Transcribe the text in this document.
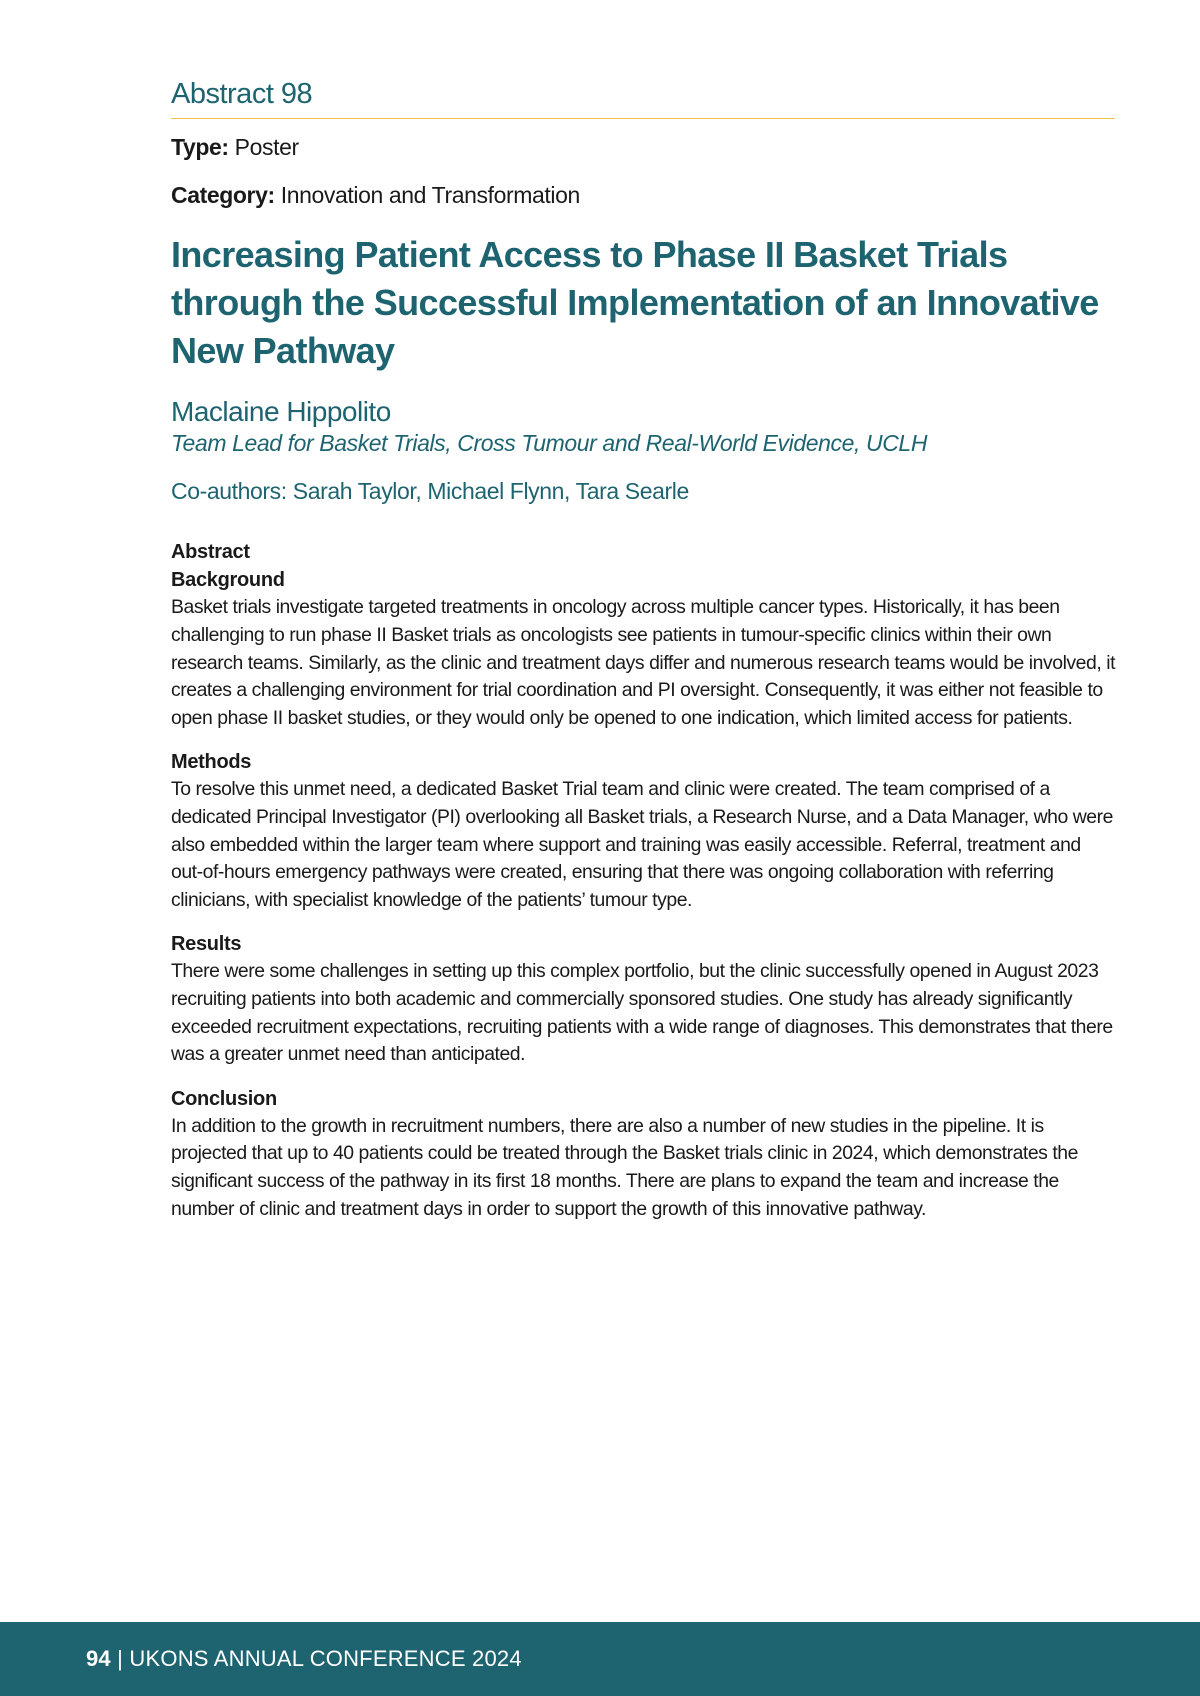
Abstract 98
Type: Poster
Category: Innovation and Transformation
Increasing Patient Access to Phase II Basket Trials through the Successful Implementation of an Innovative New Pathway
Maclaine Hippolito
Team Lead for Basket Trials, Cross Tumour and Real-World Evidence, UCLH
Co-authors: Sarah Taylor, Michael Flynn, Tara Searle
Abstract
Background

Basket trials investigate targeted treatments in oncology across multiple cancer types. Historically, it has been challenging to run phase II Basket trials as oncologists see patients in tumour-specific clinics within their own research teams. Similarly, as the clinic and treatment days differ and numerous research teams would be involved, it creates a challenging environment for trial coordination and PI oversight. Consequently, it was either not feasible to open phase II basket studies, or they would only be opened to one indication, which limited access for patients.

Methods

To resolve this unmet need, a dedicated Basket Trial team and clinic were created. The team comprised of a dedicated Principal Investigator (PI) overlooking all Basket trials, a Research Nurse, and a Data Manager, who were also embedded within the larger team where support and training was easily accessible. Referral, treatment and out-of-hours emergency pathways were created, ensuring that there was ongoing collaboration with referring clinicians, with specialist knowledge of the patients’ tumour type.

Results

There were some challenges in setting up this complex portfolio, but the clinic successfully opened in August 2023 recruiting patients into both academic and commercially sponsored studies. One study has already significantly exceeded recruitment expectations, recruiting patients with a wide range of diagnoses. This demonstrates that there was a greater unmet need than anticipated.

Conclusion

In addition to the growth in recruitment numbers, there are also a number of new studies in the pipeline. It is projected that up to 40 patients could be treated through the Basket trials clinic in 2024, which demonstrates the significant success of the pathway in its first 18 months. There are plans to expand the team and increase the number of clinic and treatment days in order to support the growth of this innovative pathway.

94 | UKONS ANNUAL CONFERENCE 2024
